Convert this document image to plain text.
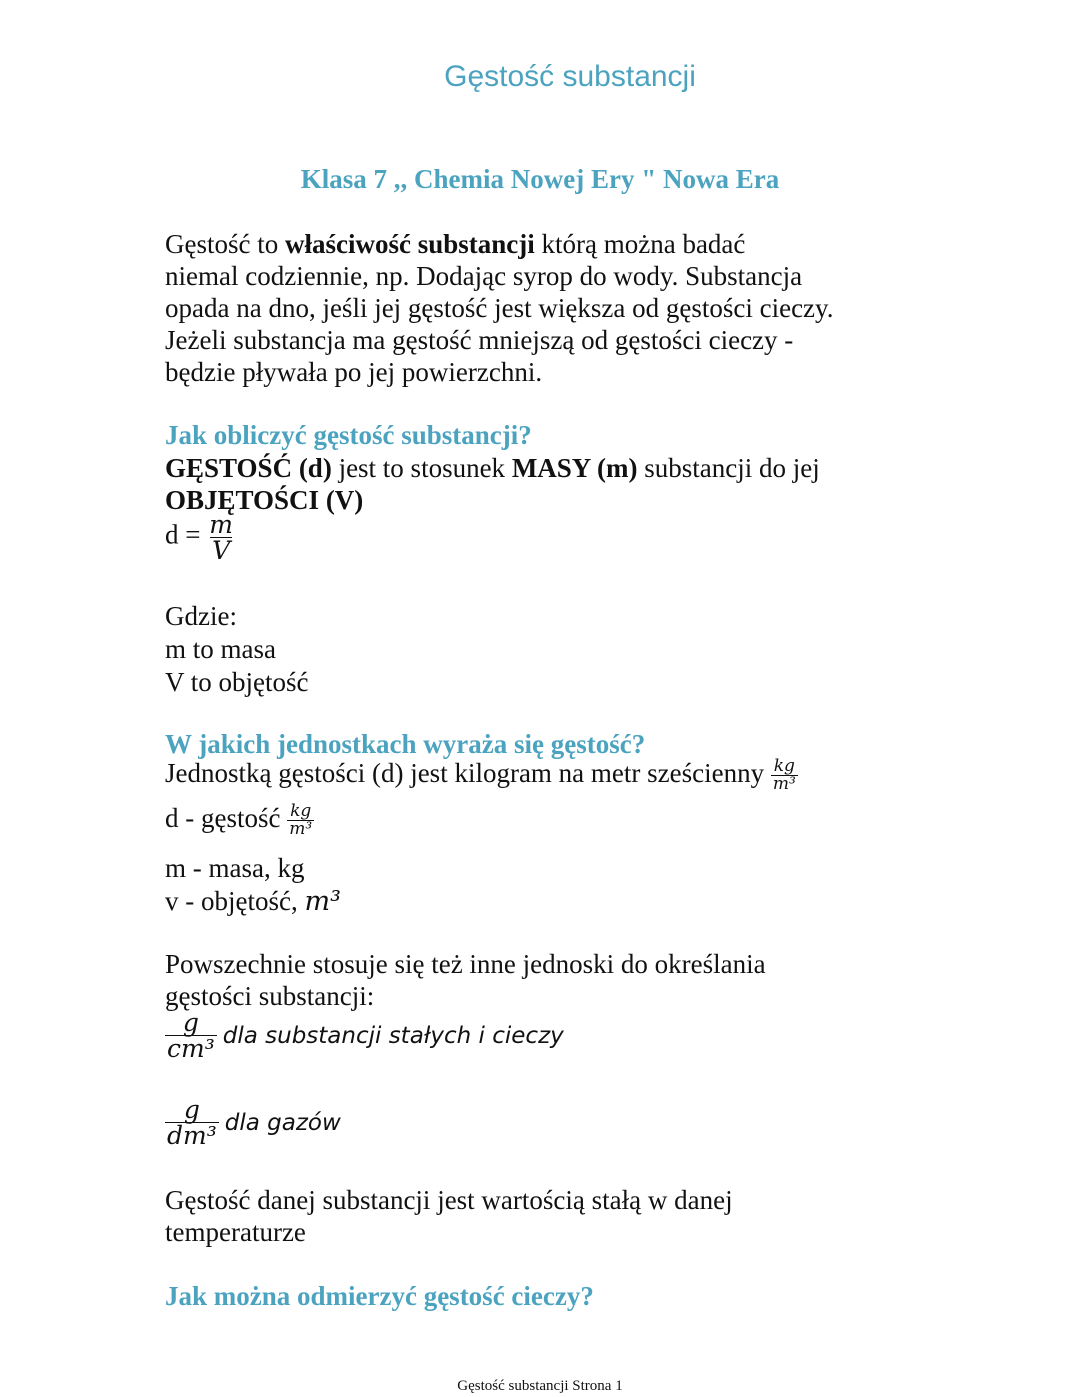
Gęstość substancji
Klasa 7 ,, Chemia Nowej Ery " Nowa Era
Gęstość to właściwość substancji którą można badać
niemal codziennie, np. Dodając syrop do wody. Substancja
opada na dno, jeśli jej gęstość jest większa od gęstości cieczy.
Jeżeli substancja ma gęstość mniejszą od gęstości cieczy -
będzie pływała po jej powierzchni.
Jak obliczyć gęstość substancji?
GĘSTOŚĆ (d) jest to stosunek MASY (m) substancji do jej
OBJĘTOŚCI (V)
$d = \frac{m}{V}$
Gdzie:
m to masa
V to objętość
W jakich jednostkach wyraża się gęstość?
Jednostką gęstości (d) jest kilogram na metr sześcienny $\frac{kg}{\text{m³}}$
d - gęstość $\frac{kg}{\text{m³}}$
m - masa, kg
v - objętość, m³
Powszechnie stosuje się też inne jednoski do określania
gęstości substancji:
$\frac{g}{\text{cm³}}$ dla substancji stałych i cieczy
$\frac{g}{\text{dm³}}$ dla gazów
Gęstość danej substancji jest wartością stałą w danej
temperaturze
Jak można odmierzyć gęstość cieczy?
Gęstość substancji Strona 1
